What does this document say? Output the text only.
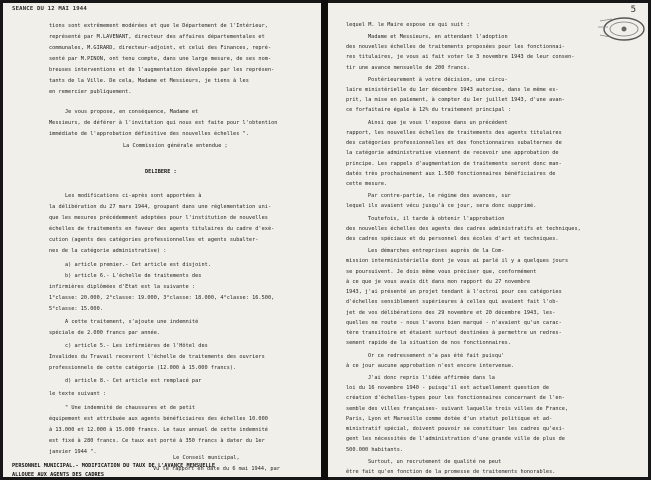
SEANCE DU 12 MAI 1944
tions sont extrêmement modérées et que le Département de l'Intérieur,
représenté par M.LAVENANT, directeur des affaires départementales et
communales, M.GIRARD, directeur-adjoint, et celui des Finances, repré-
senté par M.PINON, ont tenu compte, dans une large mesure, de ses nom-
breuses interventions et de l'augmentation développée par les représen-
tants de la Ville. De cela, Madame et Messieurs, je tiens à les
en remercier publiquement.
Je vous propose, en conséquence, Madame et
Messieurs, de déférer à l'invitation qui nous est faite pour l'obtention
immédiate de l'approbation définitive des nouvelles échelles ".
La Commission générale entendue ;
DELIBERE :
Les modifications ci-après sont apportées à
la délibération du 27 mars 1944, groupant dans une réglementation uni-
que les mesures précédemment adoptées pour l'institution de nouvelles
échelles de traitements en faveur des agents titulaires du cadre d'exé-
cution (agents des catégories professionnelles et agents subalter-
nes de la catégorie administrative) :
a) article premier.- Cet article est disjoint.
b) article 6.- L'échelle de traitements des
infirmières diplômées d'Etat est la suivante :
1°classe: 20.000, 2°classe: 19.000, 3°classe: 18.000, 4°classe: 16.500,
5°classe: 15.000.
A cette traitement, s'ajoute une indemnité
spéciale de 2.000 francs par année.
c) article 5.- Les infirmières de l'Hôtel des
Invalides du Travail recevront l'échelle de traitements des ouvriers
professionnels de cette catégorie (12.000 à 15.000 francs).
d) article 8.- Cet article est remplacé par
le texte suivant :
" Une indemnité de chaussures et de petit
équipement est attribuée aux agents bénéficiaires des échelles 10.000
à 13.000 et 12.000 à 15.000 francs. Le taux annuel de cette indemnité
est fixé à 280 francs. Ce taux est porté à 350 francs à dater du 1er
janvier 1944 ".
PERSONNEL MUNICIPAL.- MODIFICATION DU TAUX DE L'AVANCE MENSUELLE
ALLOUEE AUX AGENTS DES CADRES
Le Conseil municipal,
Vu le rapport en date du 6 mai 1944, par
5
lequel M. le Maire expose ce qui suit :
Madame et Messieurs, en attendant l'adoption
des nouvelles échelles de traitements proposées pour les fonctionnai-
res titulaires, je vous ai fait voter le 3 novembre 1943 de leur consen-
tir une avance mensuelle de 200 francs.
Postérieurement à votre décision, une circu-
laire ministérielle du 1er décembre 1943 autorise, dans le même es-
prit, la mise en paiement, à compter du 1er juillet 1943, d'une avan-
ce forfaitaire égale à 12% du traitement principal :
Ainsi que je vous l'expose dans un précédent
rapport, les nouvelles échelles de traitements des agents titulaires
des catégories professionnelles et des fonctionnaires subalternes de
la catégorie administrative viennent de recevoir une approbation de
principe. Les rappels d'augmentation de traitements seront donc man-
datés très prochainement aux 1.500 fonctionnaires bénéficiaires de
cette mesure.
Par contre-partie, le régime des avances, sur
lequel ils avaient vécu jusqu'à ce jour, sera donc supprimé.
Toutefois, il tarde à obtenir l'approbation
des nouvelles échelles des agents des cadres administratifs et techniques,
des cadres spéciaux et du personnel des écoles d'art et techniques.
Les démarches entreprises auprès de la Com-
mission interministérielle dont je vous ai parlé il y a quelques jours
se poursuivent. Je dois même vous préciser que, conformément
à ce que je vous avais dit dans mon rapport du 27 novembre
1943, j'ai présenté un projet tendant à l'octroi pour ces catégories
d'échelles sensiblement supérieures à celles qui avaient fait l'ob-
jet de vos délibérations des 29 novembre et 20 décembre 1943, les-
quelles ne route - nous l'avons bien marqué - n'avaient qu'un carac-
tère transitoire et étaient surtout destinées à permettre un redres-
sement rapide de la situation de nos fonctionnaires.
Or ce redressement n'a pas été fait puisqu'
à ce jour aucune approbation n'est encore intervenue.
J'ai donc repris l'idée affirmée dans la
loi du 16 novembre 1940 - puisqu'il est actuellement question de
création d'échelles-types pour les fonctionnaires concernant de l'en-
semble des villes françaises- suivant laquelle trois villes de France,
Paris, Lyon et Marseille comme dotée d'un statut politique et ad-
ministratif spécial, doivent pouvoir se constituer les cadres qu'exi-
gent les nécessités de l'administration d'une grande ville de plus de
500.000 habitants.
Surtout, un recrutement de qualité ne peut
être fait qu'en fonction de la promesse de traitements honorables.
